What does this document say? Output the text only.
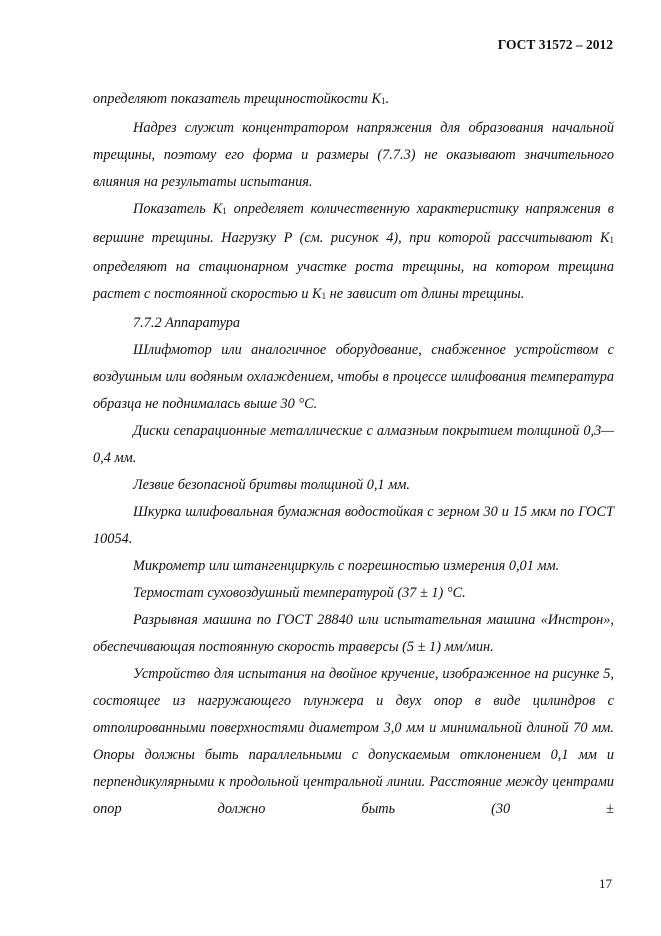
ГОСТ 31572 – 2012

определяют показатель трещиностойкости $K_1$.

Надрез служит концентратором напряжения для образования начальной трещины, поэтому его форма и размеры (7.7.3) не оказывают значительного влияния на результаты испытания.

Показатель $K_1$ определяет количественную характеристику напряжения в вершине трещины. Нагрузку P (см. рисунок 4), при которой рассчитывают $K_1$ определяют на стационарном участке роста трещины, на котором трещина растет с постоянной скоростью и $K_1$ не зависит от длины трещины.

7.7.2 Аппаратура

Шлифмотор или аналогичное оборудование, снабженное устройством с воздушным или водяным охлаждением, чтобы в процессе шлифования температура образца не поднималась выше 30 °С.

Диски сепарационные металлические с алмазным покрытием толщиной 0,3—0,4 мм.

Лезвие безопасной бритвы толщиной 0,1 мм.

Шкурка шлифовальная бумажная водостойкая с зерном 30 и 15 мкм по ГОСТ 10054.

Микрометр или штангенциркуль с погрешностью измерения 0,01 мм.

Термостат суховоздушный температурой (37 ± 1) °С.

Разрывная машина по ГОСТ 28840 или испытательная машина «Инстрон», обеспечивающая постоянную скорость траверсы (5 ± 1) мм/мин.

Устройство для испытания на двойное кручение, изображенное на рисунке 5, состоящее из нагружающего плунжера и двух опор в виде цилиндров с отполированными поверхностями диаметром 3,0 мм и минимальной длиной 70 мм. Опоры должны быть параллельными с допускаемым отклонением 0,1 мм и перпендикулярными к продольной центральной линии. Расстояние между центрами опор должно быть (30 ±

17
